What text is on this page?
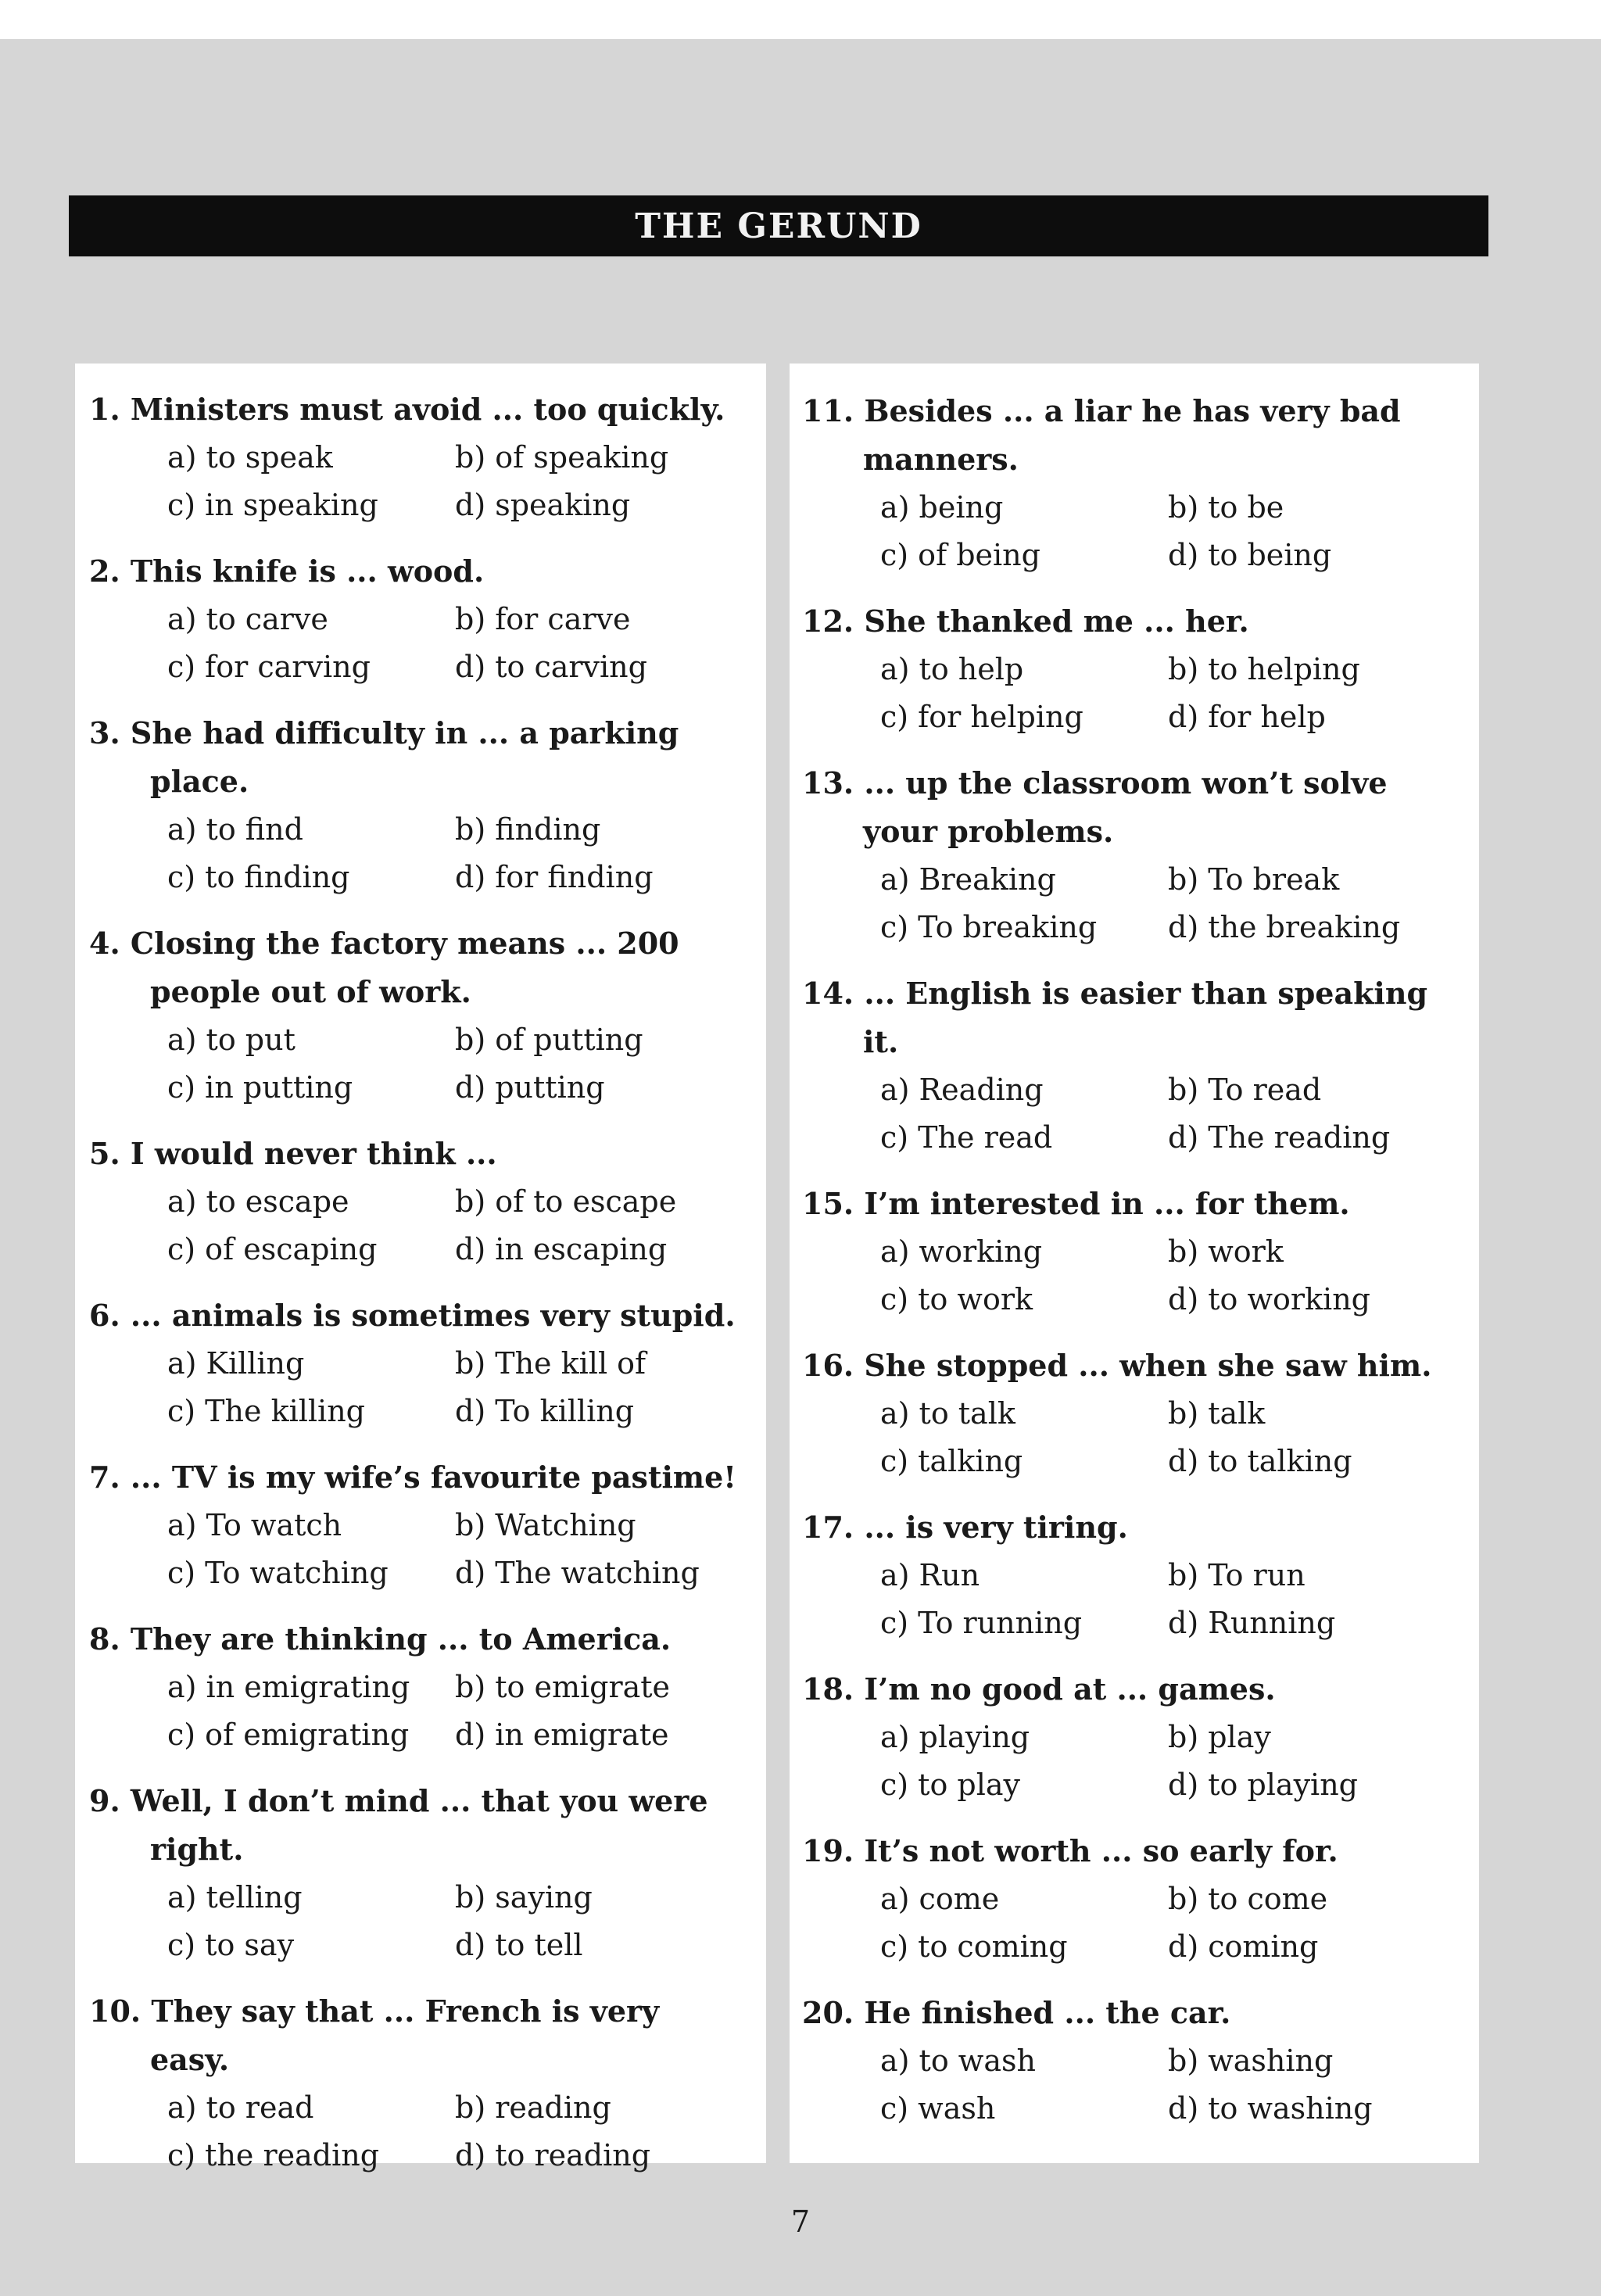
THE GERUND
1. Ministers must avoid ... too quickly.
a) to speak	b) of speaking
c) in speaking	d) speaking
2. This knife is ... wood.
a) to carve	b) for carve
c) for carving	d) to carving
3. She had difficulty in ... a parking place.
a) to find	b) finding
c) to finding	d) for finding
4. Closing the factory means ... 200 people out of work.
a) to put	b) of putting
c) in putting	d) putting
5. I would never think ...
a) to escape	b) of to escape
c) of escaping	d) in escaping
6. ... animals is sometimes very stupid.
a) Killing	b) The kill of
c) The killing	d) To killing
7. ... TV is my wife’s favourite pastime!
a) To watch	b) Watching
c) To watching	d) The watching
8. They are thinking ... to America.
a) in emigrating	b) to emigrate
c) of emigrating	d) in emigrate
9. Well, I don’t mind ... that you were right.
a) telling	b) saying
c) to say	d) to tell
10. They say that ... French is very easy.
a) to read	b) reading
c) the reading	d) to reading
11. Besides ... a liar he has very bad manners.
a) being	b) to be
c) of being	d) to being
12. She thanked me ... her.
a) to help	b) to helping
c) for helping	d) for help
13. ... up the classroom won’t solve your problems.
a) Breaking	b) To break
c) To breaking	d) the breaking
14. ... English is easier than speaking it.
a) Reading	b) To read
c) The read	d) The reading
15. I’m interested in ... for them.
a) working	b) work
c) to work	d) to working
16. She stopped ... when she saw him.
a) to talk	b) talk
c) talking	d) to talking
17. ... is very tiring.
a) Run	b) To run
c) To running	d) Running
18. I’m no good at ... games.
a) playing	b) play
c) to play	d) to playing
19. It’s not worth ... so early for.
a) come	b) to come
c) to coming	d) coming
20. He finished ... the car.
a) to wash	b) washing
c) wash	d) to washing
7
